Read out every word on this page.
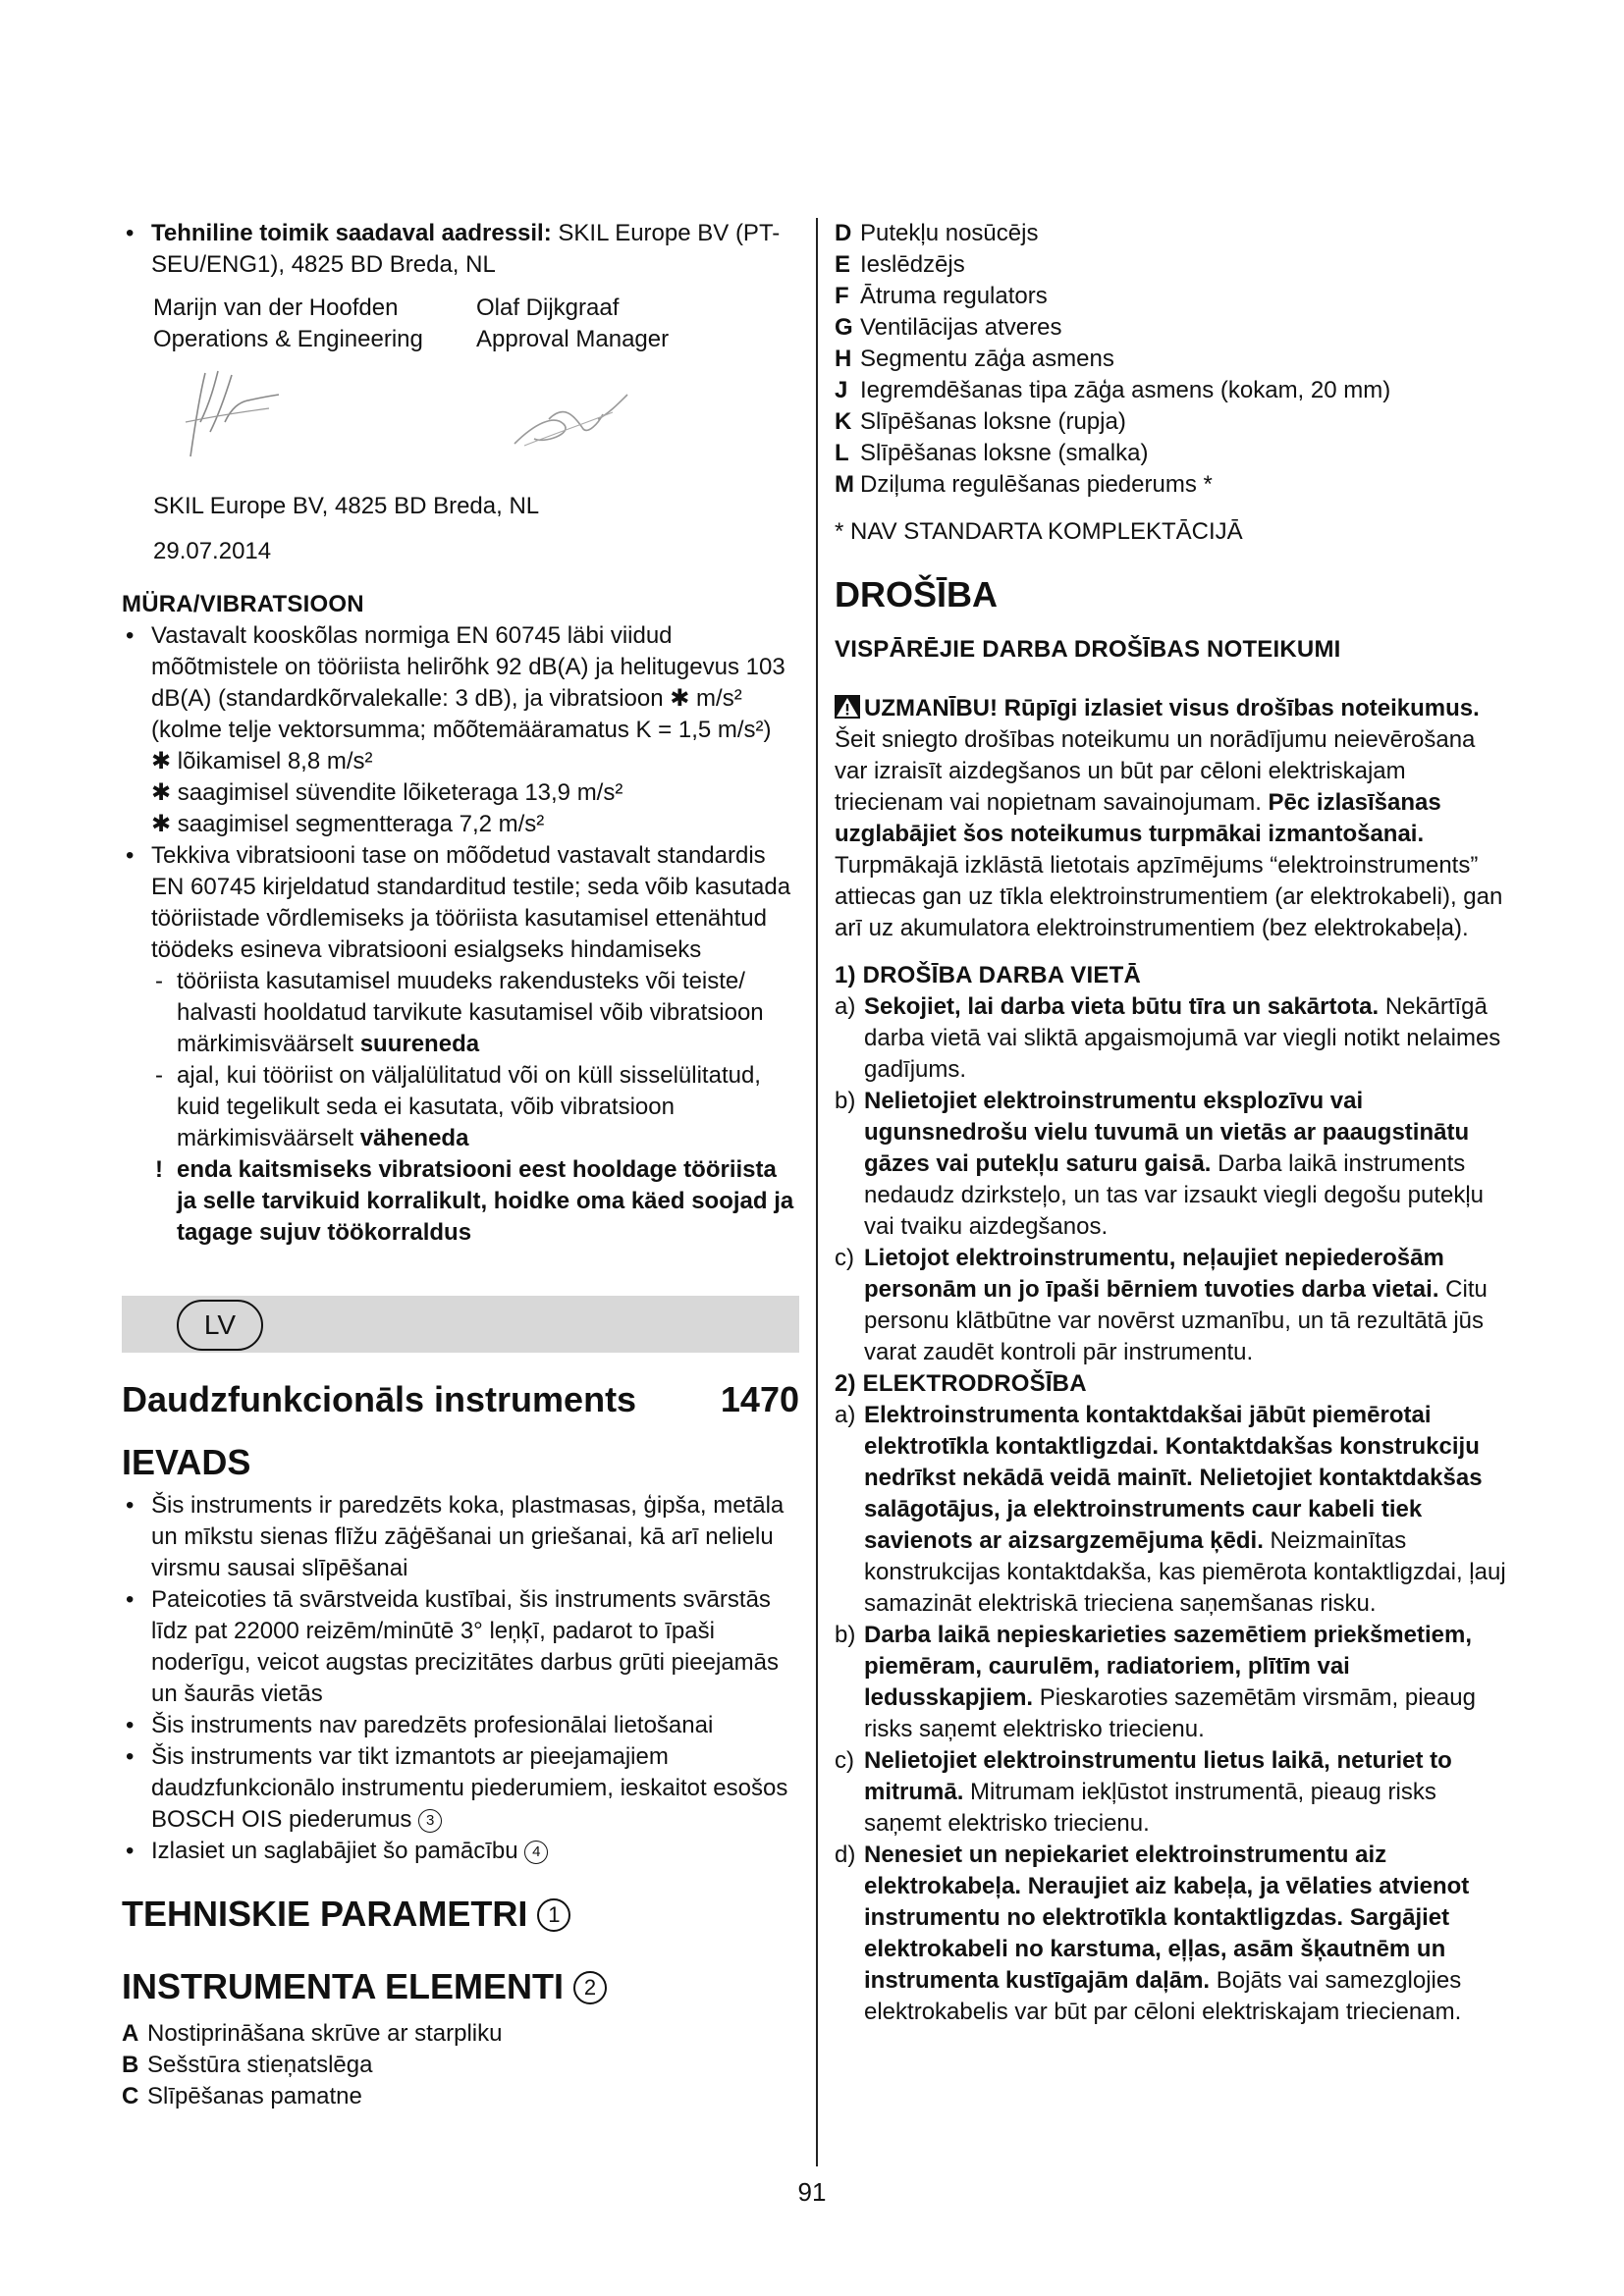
• Tehniline toimik saadaval aadressil: SKIL Europe BV (PT-SEU/ENG1), 4825 BD Breda, NL
Marijn van der Hoofden
Operations & Engineering
Olaf Dijkgraaf
Approval Manager
SKIL Europe BV, 4825 BD Breda, NL
29.07.2014
MÜRA/VIBRATSIOON
• Vastavalt kooskõlas normiga EN 60745 läbi viidud mõõtmistele on tööriista helirõhk 92 dB(A) ja helitugevus 103 dB(A) (standardkõrvalekalle: 3 dB), ja vibratsioon ✱ m/s² (kolme telje vektorsumma; mõõtemääramatus K = 1,5 m/s²)
✱ lõikamisel 8,8 m/s²
✱ saagimisel süvendite lõiketeraga 13,9 m/s²
✱ saagimisel segmentteraga 7,2 m/s²
• Tekkiva vibratsiooni tase on mõõdetud vastavalt standardis EN 60745 kirjeldatud standarditud testile; seda võib kasutada tööriistade võrdlemiseks ja tööriista kasutamisel ettenähtud töödeks esineva vibratsiooni esialgseks hindamiseks
- tööriista kasutamisel muudeks rakendusteks või teiste/ halvasti hooldatud tarvikute kasutamisel võib vibratsioon märkimisväärselt suureneda
- ajal, kui tööriist on väljalülitatud või on küll sisselülitatud, kuid tegelikult seda ei kasutata, võib vibratsioon märkimisväärselt väheneda
! enda kaitsmiseks vibratsiooni eest hooldage tööriista ja selle tarvikuid korralikult, hoidke oma käed soojad ja tagage sujuv töökorraldus
LV
Daudzfunkcionāls instruments 1470
IEVADS
• Šis instruments ir paredzēts koka, plastmasas, ģipša, metāla un mīkstu sienas flīžu zāģēšanai un griešanai, kā arī nelielu virsmu sausai slīpēšanai
• Pateicoties tā svārstveida kustībai, šis instruments svārstās līdz pat 22000 reizēm/minūtē 3° leņķī, padarot to īpaši noderīgu, veicot augstas precizitātes darbus grūti pieejamās un šaurās vietās
• Šis instruments nav paredzēts profesionālai lietošanai
• Šis instruments var tikt izmantots ar pieejamajiem daudzfunkcionālo instrumentu piederumiem, ieskaitot esošos BOSCH OIS piederumus 3
• Izlasiet un saglabājiet šo pamācību 4
TEHNISKIE PARAMETRI 1
INSTRUMENTA ELEMENTI 2
A Nostiprināšana skrūve ar starpliku
B Sešstūra stieņatslēga
C Slīpēšanas pamatne
D Putekļu nosūcējs
E Ieslēdzējs
F Ātruma regulators
G Ventilācijas atveres
H Segmentu zāģa asmens
J Iegremdēšanas tipa zāģa asmens (kokam, 20 mm)
K Slīpēšanas loksne (rupja)
L Slīpēšanas loksne (smalka)
M Dziļuma regulēšanas piederums *
* NAV STANDARTA KOMPLEKTĀCIJĀ
DROŠĪBA
VISPĀRĒJIE DARBA DROŠĪBAS NOTEIKUMI
UZMANĪBU! Rūpīgi izlasiet visus drošības noteikumus. Šeit sniegto drošības noteikumu un norādījumu neievērošana var izraisīt aizdegšanos un būt par cēloni elektriskajam triecienam vai nopietnam savainojumam. Pēc izlasīšanas uzglabājiet šos noteikumus turpmākai izmantošanai. Turpmākajā izklāstā lietotais apzīmējums “elektroinstruments” attiecas gan uz tīkla elektroinstrumentiem (ar elektrokabeli), gan arī uz akumulatora elektroinstrumentiem (bez elektrokabeļa).
1) DROŠĪBA DARBA VIETĀ
a) Sekojiet, lai darba vieta būtu tīra un sakārtota. Nekārtīgā darba vietā vai sliktā apgaismojumā var viegli notikt nelaimes gadījums.
b) Nelietojiet elektroinstrumentu eksplozīvu vai ugunsnedrošu vielu tuvumā un vietās ar paaugstinātu gāzes vai putekļu saturu gaisā. Darba laikā instruments nedaudz dzirksteļo, un tas var izsaukt viegli degošu putekļu vai tvaiku aizdegšanos.
c) Lietojot elektroinstrumentu, neļaujiet nepiederošām personām un jo īpaši bērniem tuvoties darba vietai. Citu personu klātbūtne var novērst uzmanību, un tā rezultātā jūs varat zaudēt kontroli pār instrumentu.
2) ELEKTRODROŠĪBA
a) Elektroinstrumenta kontaktdakšai jābūt piemērotai elektrotīkla kontaktligzdai. Kontaktdakšas konstrukciju nedrīkst nekādā veidā mainīt. Nelietojiet kontaktdakšas salāgotājus, ja elektroinstruments caur kabeli tiek savienots ar aizsargzemējuma ķēdi. Neizmainītas konstrukcijas kontaktdakša, kas piemērota kontaktligzdai, ļauj samazināt elektriskā trieciena saņemšanas risku.
b) Darba laikā nepieskarieties sazemētiem priekšmetiem, piemēram, caurulēm, radiatoriem, plītīm vai ledusskapjiem. Pieskaroties sazemētām virsmām, pieaug risks saņemt elektrisko triecienu.
c) Nelietojiet elektroinstrumentu lietus laikā, neturiet to mitrumā. Mitrumam iekļūstot instrumentā, pieaug risks saņemt elektrisko triecienu.
d) Nenesiet un nepiekariet elektroinstrumentu aiz elektrokabeļa. Neraujiet aiz kabeļa, ja vēlaties atvienot instrumentu no elektrotīkla kontaktligzdas. Sargājiet elektrokabeli no karstuma, eļļas, asām šķautnēm un instrumenta kustīgajām daļām. Bojāts vai samezglojies elektrokabelis var būt par cēloni elektriskajam triecienam.
91
